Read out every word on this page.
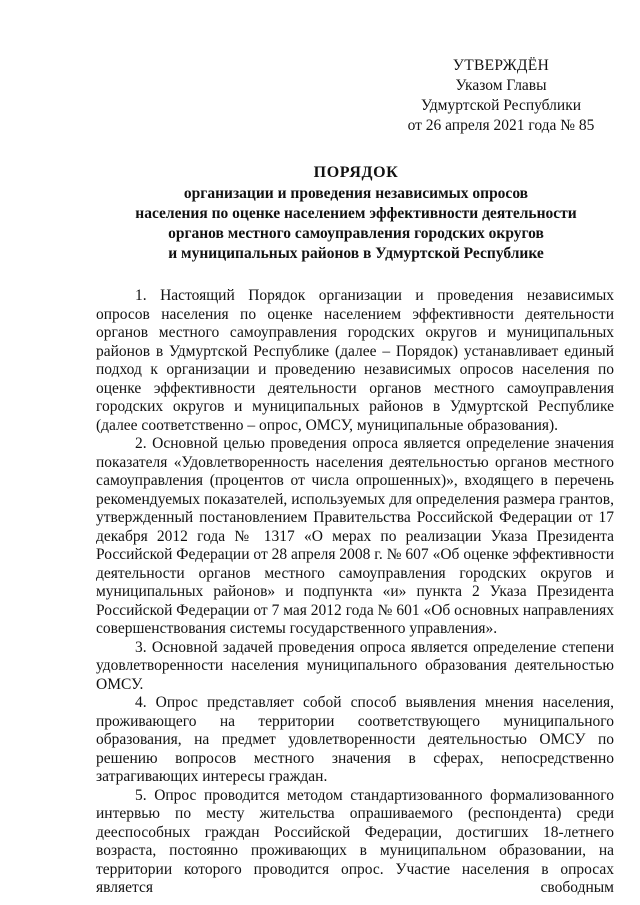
УТВЕРЖДЁН
Указом Главы
Удмуртской Республики
от 26 апреля 2021 года № 85
ПОРЯДОК
организации и проведения независимых опросов
населения по оценке населением эффективности деятельности
органов местного самоуправления городских округов
и муниципальных районов в Удмуртской Республике

1. Настоящий Порядок организации и проведения независимых опросов населения по оценке населением эффективности деятельности органов местного самоуправления городских округов и муниципальных районов в Удмуртской Республике (далее – Порядок) устанавливает единый подход к организации и проведению независимых опросов населения по оценке эффективности деятельности органов местного самоуправления городских округов и муниципальных районов в Удмуртской Республике (далее соответственно – опрос, ОМСУ, муниципальные образования).

2. Основной целью проведения опроса является определение значения показателя «Удовлетворенность населения деятельностью органов местного самоуправления (процентов от числа опрошенных)», входящего в перечень рекомендуемых показателей, используемых для определения размера грантов, утвержденный постановлением Правительства Российской Федерации от 17 декабря 2012 года № 1317 «О мерах по реализации Указа Президента Российской Федерации от 28 апреля 2008 г. № 607 «Об оценке эффективности деятельности органов местного самоуправления городских округов и муниципальных районов» и подпункта «и» пункта 2 Указа Президента Российской Федерации от 7 мая 2012 года № 601 «Об основных направлениях совершенствования системы государственного управления».

3. Основной задачей проведения опроса является определение степени удовлетворенности населения муниципального образования деятельностью ОМСУ.

4. Опрос представляет собой способ выявления мнения населения, проживающего на территории соответствующего муниципального образования, на предмет удовлетворенности деятельностью ОМСУ по решению вопросов местного значения в сферах, непосредственно затрагивающих интересы граждан.

5. Опрос проводится методом стандартизованного формализованного интервью по месту жительства опрашиваемого (респондента) среди дееспособных граждан Российской Федерации, достигших 18-летнего возраста, постоянно проживающих в муниципальном образовании, на территории которого проводится опрос. Участие населения в опросах является свободным
